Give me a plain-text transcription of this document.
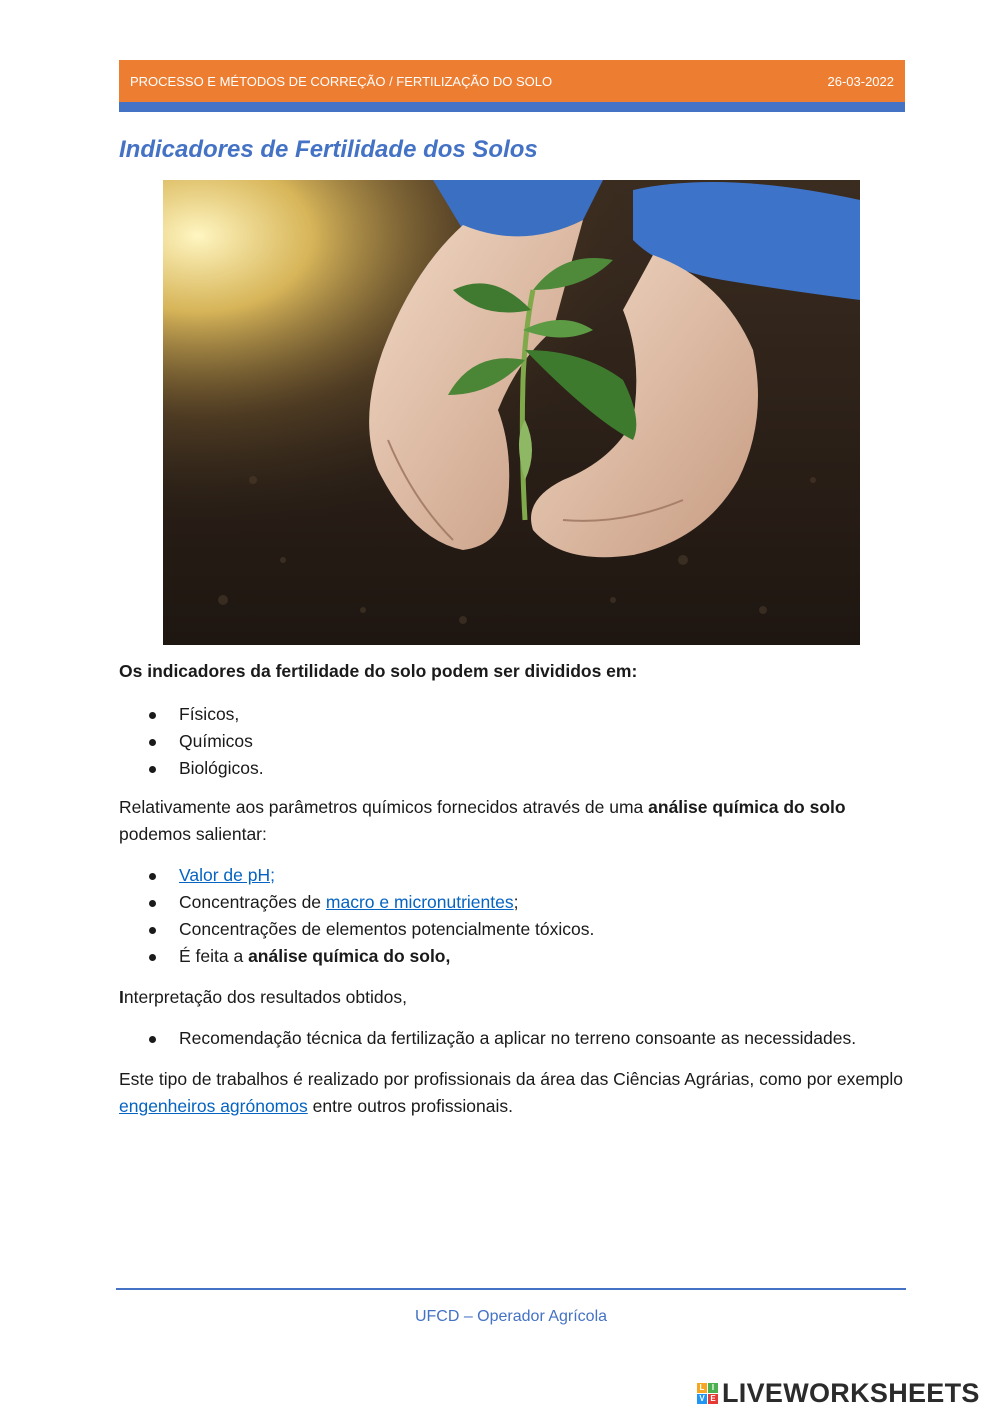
PROCESSO E MÉTODOS DE CORREÇÃO / FERTILIZAÇÃO DO SOLO	26-03-2022
Indicadores de Fertilidade dos Solos

Os indicadores da fertilidade do solo podem ser divididos em:

Físicos,
Químicos
Biológicos.

Relativamente aos parâmetros químicos fornecidos através de uma análise química do solo podemos salientar:

Valor de pH;
Concentrações de macro e micronutrientes;
Concentrações de elementos potencialmente tóxicos.
É feita a análise química do solo,

Interpretação dos resultados obtidos,

Recomendação técnica da fertilização a aplicar no terreno consoante as necessidades.

Este tipo de trabalhos é realizado por profissionais da área das Ciências Agrárias, como por exemplo engenheiros agrónomos entre outros profissionais.

UFCD – Operador Agrícola
L I
V E LIVEWORKSHEETS
